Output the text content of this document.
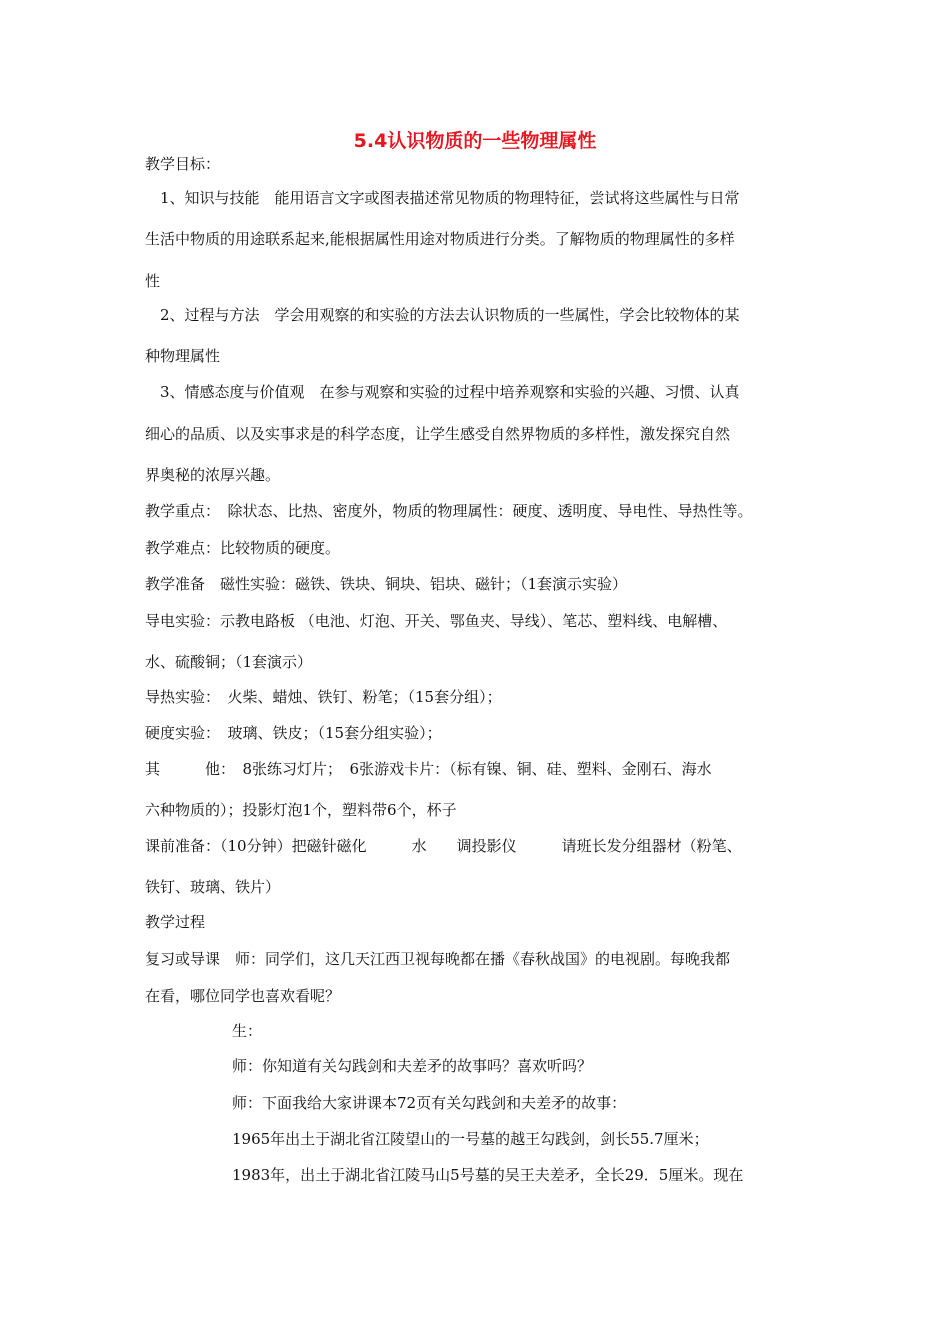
5.4认识物质的一些物理属性
教学目标：
1、知识与技能　能用语言文字或图表描述常见物质的物理特征，尝试将这些属性与日常
生活中物质的用途联系起来,能根据属性用途对物质进行分类。了解物质的物理属性的多样
性
2、过程与方法　学会用观察的和实验的方法去认识物质的一些属性，学会比较物体的某
种物理属性
3、情感态度与价值观　在参与观察和实验的过程中培养观察和实验的兴趣、习惯、认真
细心的品质、以及实事求是的科学态度，让学生感受自然界物质的多样性，激发探究自然
界奥秘的浓厚兴趣。
教学重点：　除状态、比热、密度外，物质的物理属性：硬度、透明度、导电性、导热性等。
教学难点：比较物质的硬度。
教学准备　磁性实验：磁铁、铁块、铜块、铝块、磁针；（1套演示实验）
导电实验：示教电路板 （电池、灯泡、开关、鄂鱼夹、导线）、笔芯、塑料线、电解槽、
水、硫酸铜；（1套演示）
导热实验：　火柴、蜡烛、铁钉、粉笔；（15套分组）；
硬度实验：　玻璃、铁皮；（15套分组实验）；
其　　　他：　8张练习灯片；　6张游戏卡片：（标有镍、铜、硅、塑料、金刚石、海水
六种物质的）；投影灯泡1个，塑料带6个，杯子
课前准备：（10分钟）把磁针磁化　　　水　　调投影仪　　　请班长发分组器材（粉笔、
铁钉、玻璃、铁片）
教学过程
复习或导课　师：同学们，这几天江西卫视每晚都在播《春秋战国》的电视剧。每晚我都
在看，哪位同学也喜欢看呢？
生：
师：你知道有关勾践剑和夫差矛的故事吗？喜欢听吗？
师：下面我给大家讲课本72页有关勾践剑和夫差矛的故事：
1965年出土于湖北省江陵望山的一号墓的越王勾践剑，剑长55.7厘米；
1983年，出土于湖北省江陵马山5号墓的吴王夫差矛，全长29．5厘米。现在
